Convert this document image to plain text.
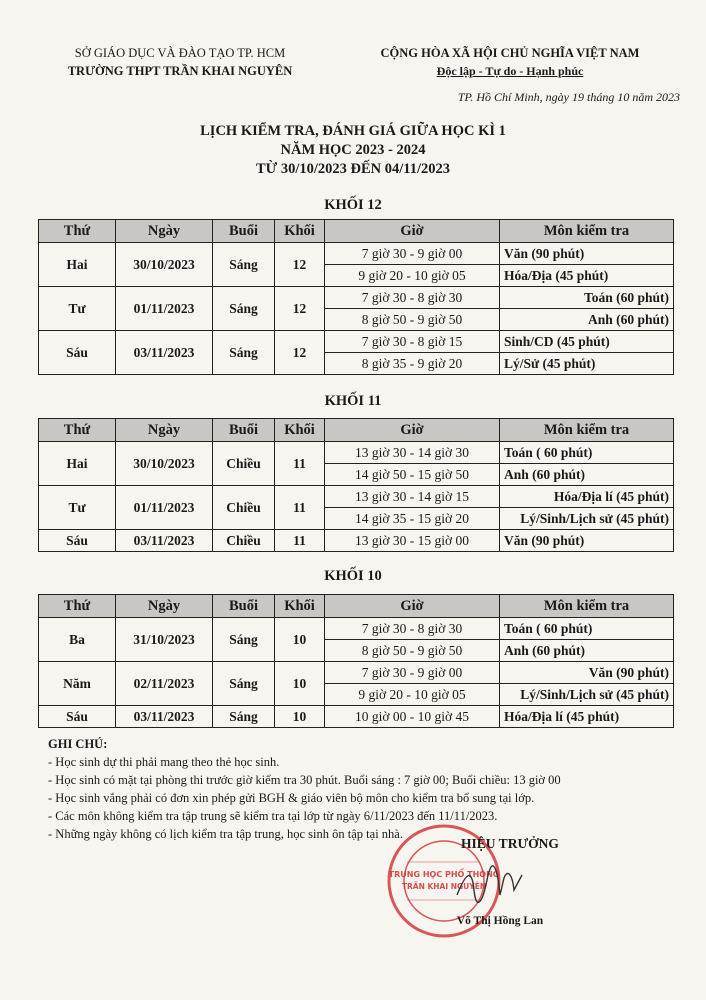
SỞ GIÁO DỤC VÀ ĐÀO TẠO TP. HCM
TRƯỜNG THPT TRẦN KHAI NGUYÊN
CỘNG HÒA XÃ HỘI CHỦ NGHĨA VIỆT NAM
Độc lập - Tự do - Hạnh phúc
TP. Hồ Chí Minh, ngày 19 tháng 10 năm 2023
LỊCH KIỂM TRA, ĐÁNH GIÁ GIỮA HỌC KÌ 1
NĂM HỌC 2023 - 2024
TỪ 30/10/2023 ĐẾN 04/11/2023
KHỐI 12
Thứ	Ngày	Buổi	Khối	Giờ	Môn kiểm tra
Hai	30/10/2023	Sáng	12	7 giờ 30 - 9 giờ 00	Văn (90 phút)
				9 giờ 20 - 10 giờ 05	Hóa/Địa (45 phút)
Tư	01/11/2023	Sáng	12	7 giờ 30 - 8 giờ 30	Toán (60 phút)
				8 giờ 50 - 9 giờ 50	Anh (60 phút)
Sáu	03/11/2023	Sáng	12	7 giờ 30 - 8 giờ 15	Sinh/CD (45 phút)
				8 giờ 35 - 9 giờ 20	Lý/Sử (45 phút)
KHỐI 11
Thứ	Ngày	Buổi	Khối	Giờ	Môn kiểm tra
Hai	30/10/2023	Chiều	11	13 giờ 30 - 14 giờ 30	Toán ( 60 phút)
				14 giờ 50 - 15 giờ 50	Anh (60 phút)
Tư	01/11/2023	Chiều	11	13 giờ 30 - 14 giờ 15	Hóa/Địa lí (45 phút)
				14 giờ 35 - 15 giờ 20	Lý/Sinh/Lịch sử (45 phút)
Sáu	03/11/2023	Chiều	11	13 giờ 30 - 15 giờ 00	Văn (90 phút)
KHỐI 10
Thứ	Ngày	Buổi	Khối	Giờ	Môn kiểm tra
Ba	31/10/2023	Sáng	10	7 giờ 30 - 8 giờ 30	Toán ( 60 phút)
				8 giờ 50 - 9 giờ 50	Anh (60 phút)
Năm	02/11/2023	Sáng	10	7 giờ 30 - 9 giờ 00	Văn (90 phút)
				9 giờ 20 - 10 giờ 05	Lý/Sinh/Lịch sử (45 phút)
Sáu	03/11/2023	Sáng	10	10 giờ 00 - 10 giờ 45	Hóa/Địa lí (45 phút)
GHI CHÚ:
- Học sinh dự thi phải mang theo thẻ học sinh.
- Học sinh có mặt tại phòng thi trước giờ kiểm tra 30 phút. Buổi sáng : 7 giờ 00; Buổi chiều: 13 giờ 00
- Học sinh vắng phải có đơn xin phép gửi BGH & giáo viên bộ môn cho kiểm tra bổ sung tại lớp.
- Các môn không kiểm tra tập trung sẽ kiểm tra tại lớp từ ngày 6/11/2023 đến 11/11/2023.
- Những ngày không có lịch kiểm tra tập trung, học sinh ôn tập tại nhà.
TRUNG HỌC PHỔ THÔNG
TRẦN KHAI NGUYÊN
HIỆU TRƯỞNG
Võ Thị Hồng Lan
